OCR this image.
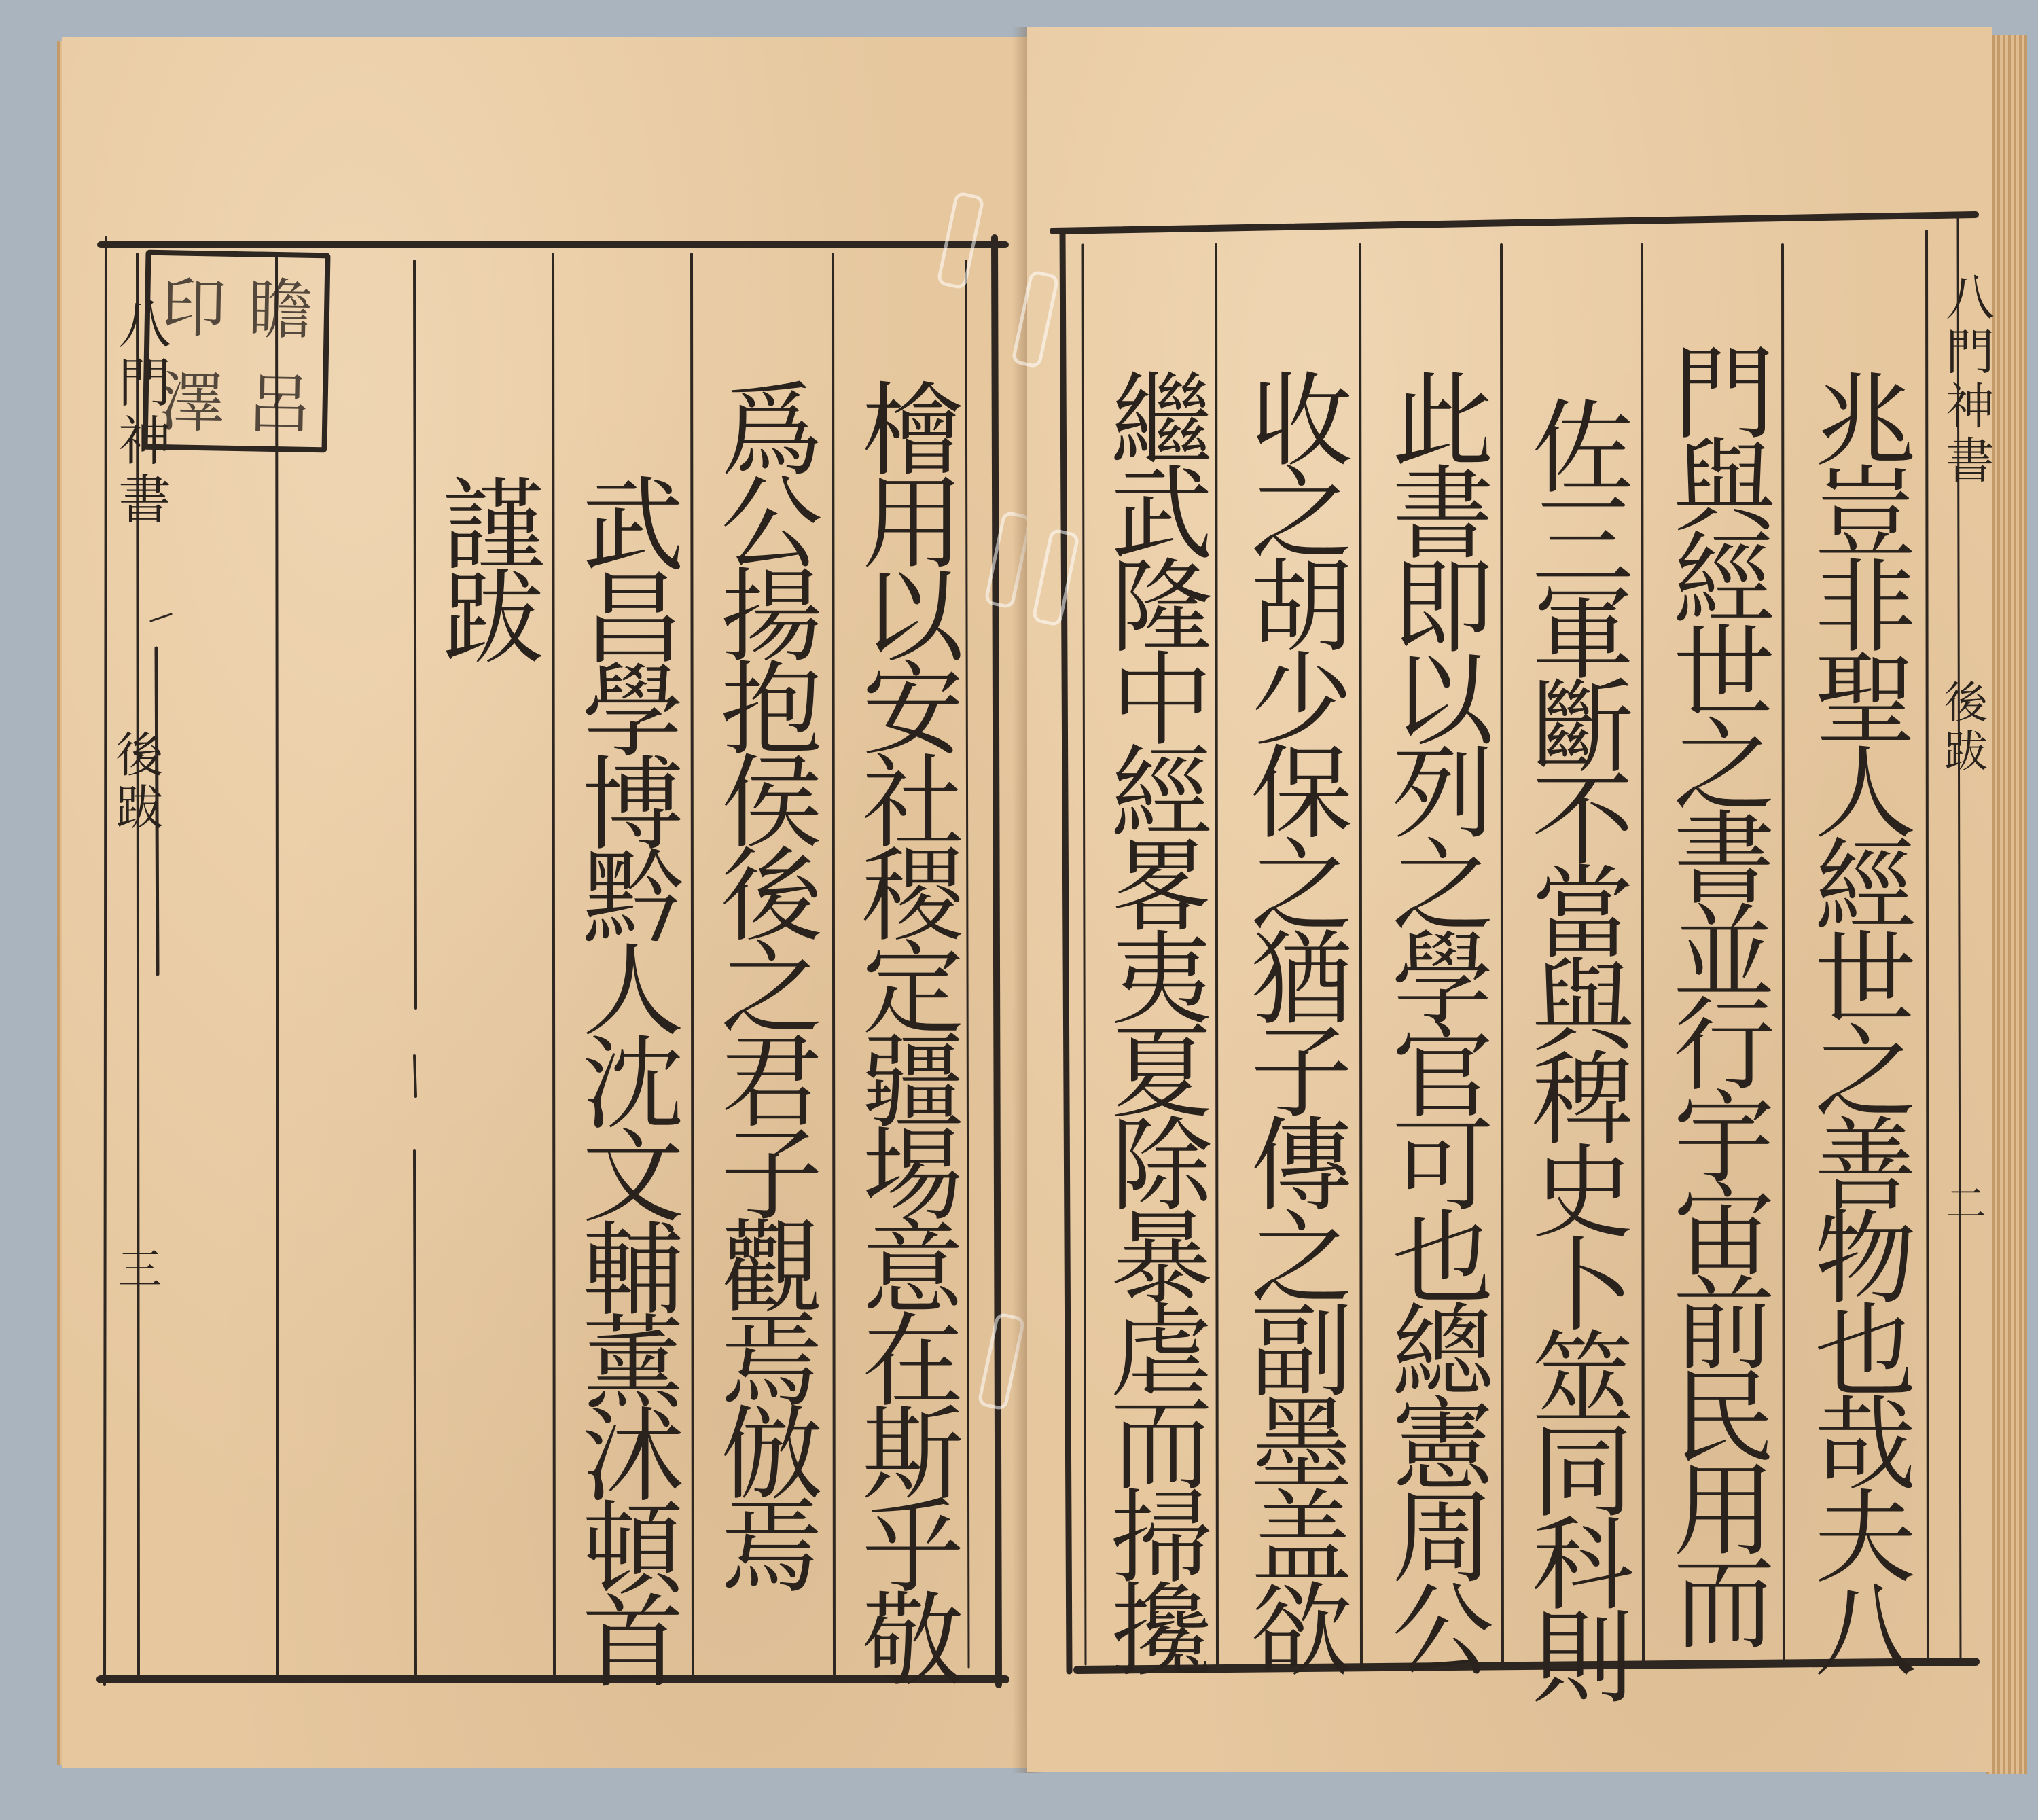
八門神書
後跋
三
印 瞻
澤 呂	檜用以安社稷定疆埸意在斯乎敬
爲公揚抱侯後之君子觀焉倣焉
武昌學博黔人沈文輔薰沭頓首
謹跋
八門神書
後跋
二
兆豈非聖人經世之善物也哉夫八
門與經世之書並行宇宙前民用而
佐三軍斷不當與稗史卜筮同科則
此書即以列之學官可也總憲周公
收之胡少保之猶子傳之副墨盖欲
繼武隆中經畧夷夏除暴虐而掃攙
